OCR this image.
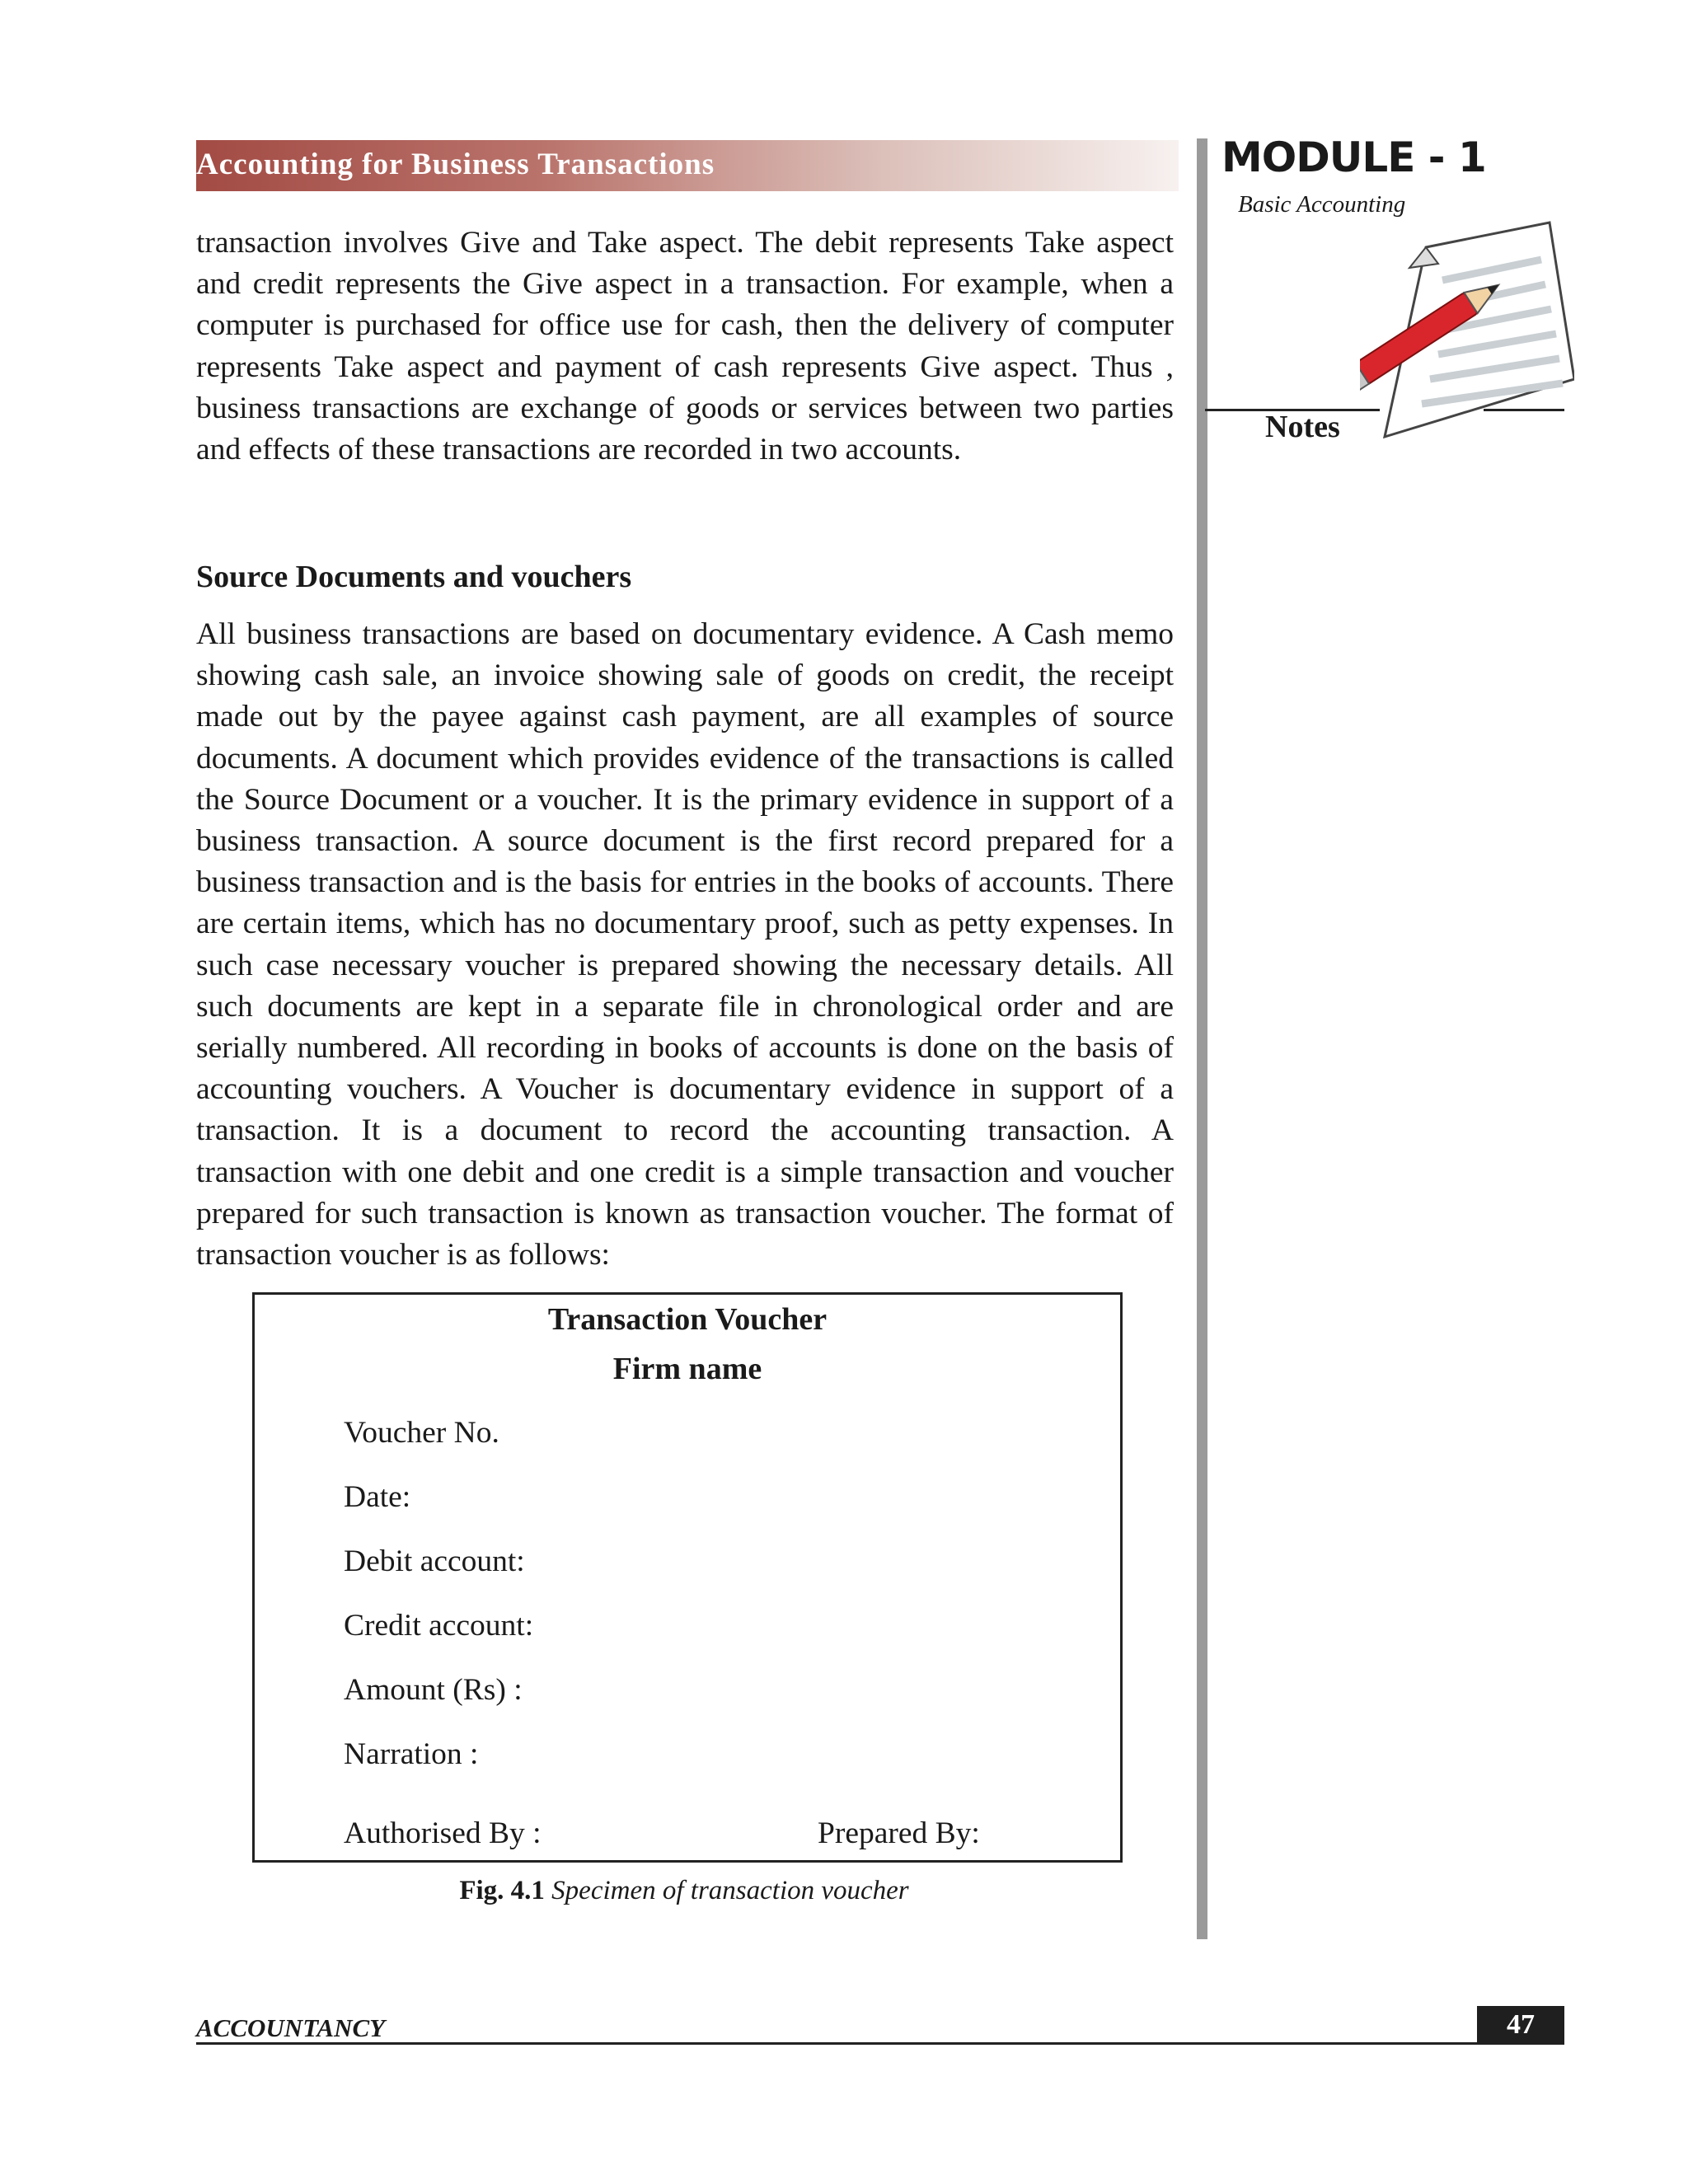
Accounting for Business Transactions	MODULE - 1
Basic Accounting
Notes

transaction involves Give and Take aspect. The debit represents Take aspect and credit represents the Give aspect in a transaction. For example, when a computer is purchased for office use for cash, then the delivery of computer represents Take aspect and payment of cash represents Give aspect. Thus , business transactions are exchange of goods or services between two parties and effects of these transactions are recorded in two accounts.

Source Documents and vouchers

All business transactions are based on documentary evidence. A Cash memo showing cash sale, an invoice showing sale of goods on credit, the receipt made out by the payee against cash payment, are all examples of source documents. A document which provides evidence of the transactions is called the Source Document or a voucher. It is the primary evidence in support of a business transaction. A source document is the first record prepared for a business transaction and is the basis for entries in the books of accounts. There are certain items, which has no documentary proof, such as petty expenses. In such case necessary voucher is prepared showing the necessary details. All such documents are kept in a separate file in chronological order and are serially numbered. All recording in books of accounts is done on the basis of accounting vouchers. A Voucher is documentary evidence in support of a transaction. It is a document to record the accounting transaction. A transaction with one debit and one credit is a simple transaction and voucher prepared for such transaction is known as transaction voucher. The format of transaction voucher is as follows:

Transaction Voucher
Firm name
Voucher No.
Date:
Debit account:
Credit account:
Amount (Rs) :
Narration :
Authorised By :	Prepared By:
Fig. 4.1 Specimen of transaction voucher
ACCOUNTANCY	47
